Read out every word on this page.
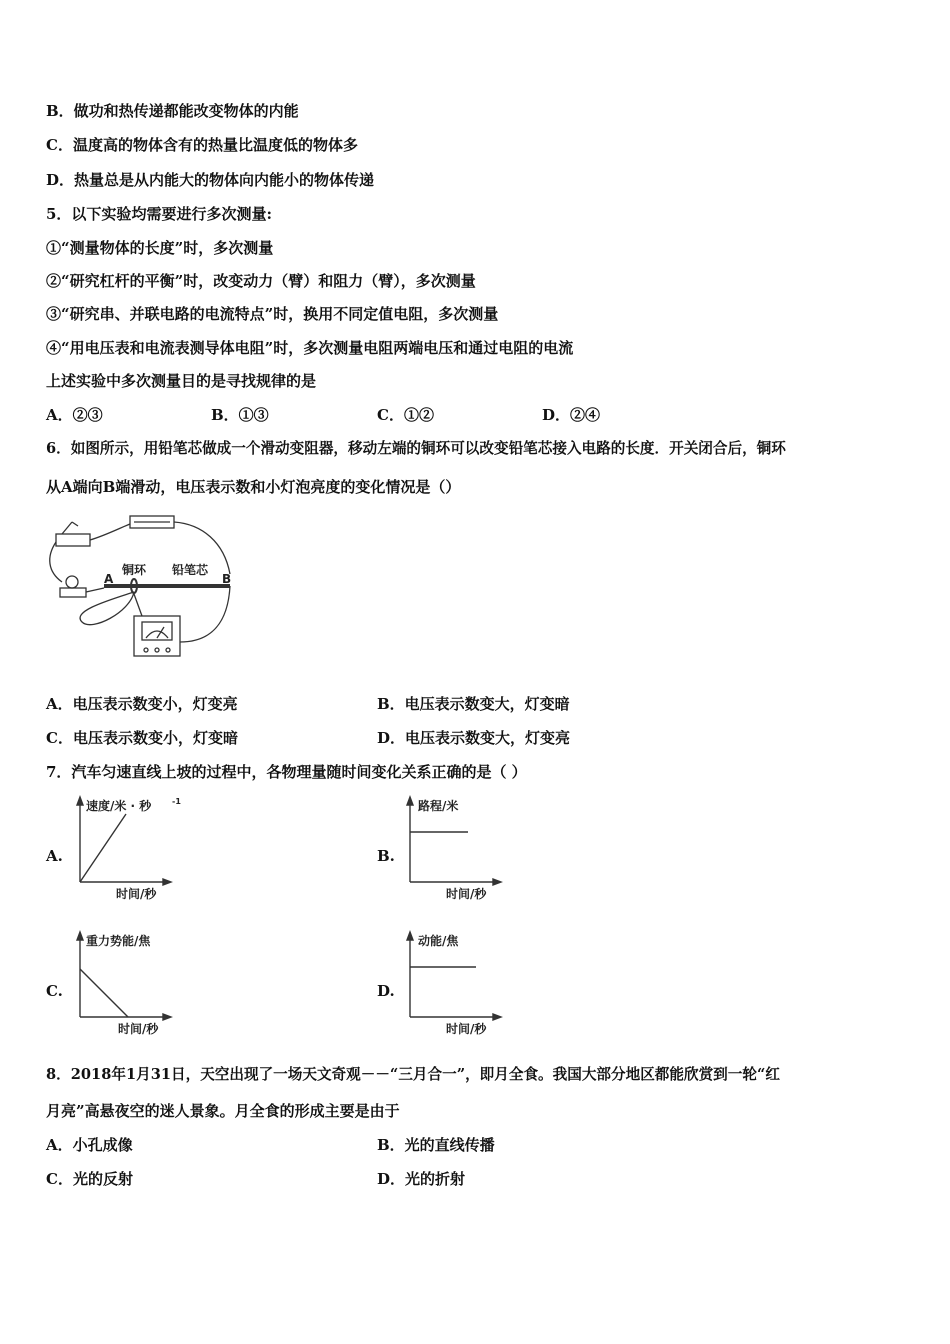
B．做功和热传递都能改变物体的内能
C．温度高的物体含有的热量比温度低的物体多
D．热量总是从内能大的物体向内能小的物体传递
5．以下实验均需要进行多次测量:
①“测量物体的长度”时，多次测量
②“研究杠杆的平衡”时，改变动力（臂）和阻力（臂），多次测量
③“研究串、并联电路的电流特点”时，换用不同定值电阻，多次测量
④“用电压表和电流表测导体电阻”时，多次测量电阻两端电压和通过电阻的电流
上述实验中多次测量目的是寻找规律的是
A．②③	B．①③	C．①②	D．②④
6．如图所示，用铅笔芯做成一个滑动变阻器，移动左端的铜环可以改变铅笔芯接入电路的长度．开关闭合后，铜环
从A端向B端滑动，电压表示数和小灯泡亮度的变化情况是（）
铜环 铅笔芯
A	B
A．电压表示数变小，灯变亮	B．电压表示数变大，灯变暗
C．电压表示数变小，灯变暗	D．电压表示数变大，灯变亮
7．汽车匀速直线上坡的过程中，各物理量随时间变化关系正确的是（ ）
A.
速度/米 · 秒	-1
时间/秒
B.
路程/米
时间/秒
C.
重力势能/焦
时间/秒
D.
动能/焦
时间/秒
8．2018年1月31日，天空出现了一场天文奇观－－“三月合一”，即月全食。我国大部分地区都能欣赏到一轮“红
月亮”高悬夜空的迷人景象。月全食的形成主要是由于
A．小孔成像	B．光的直线传播
C．光的反射	D．光的折射
